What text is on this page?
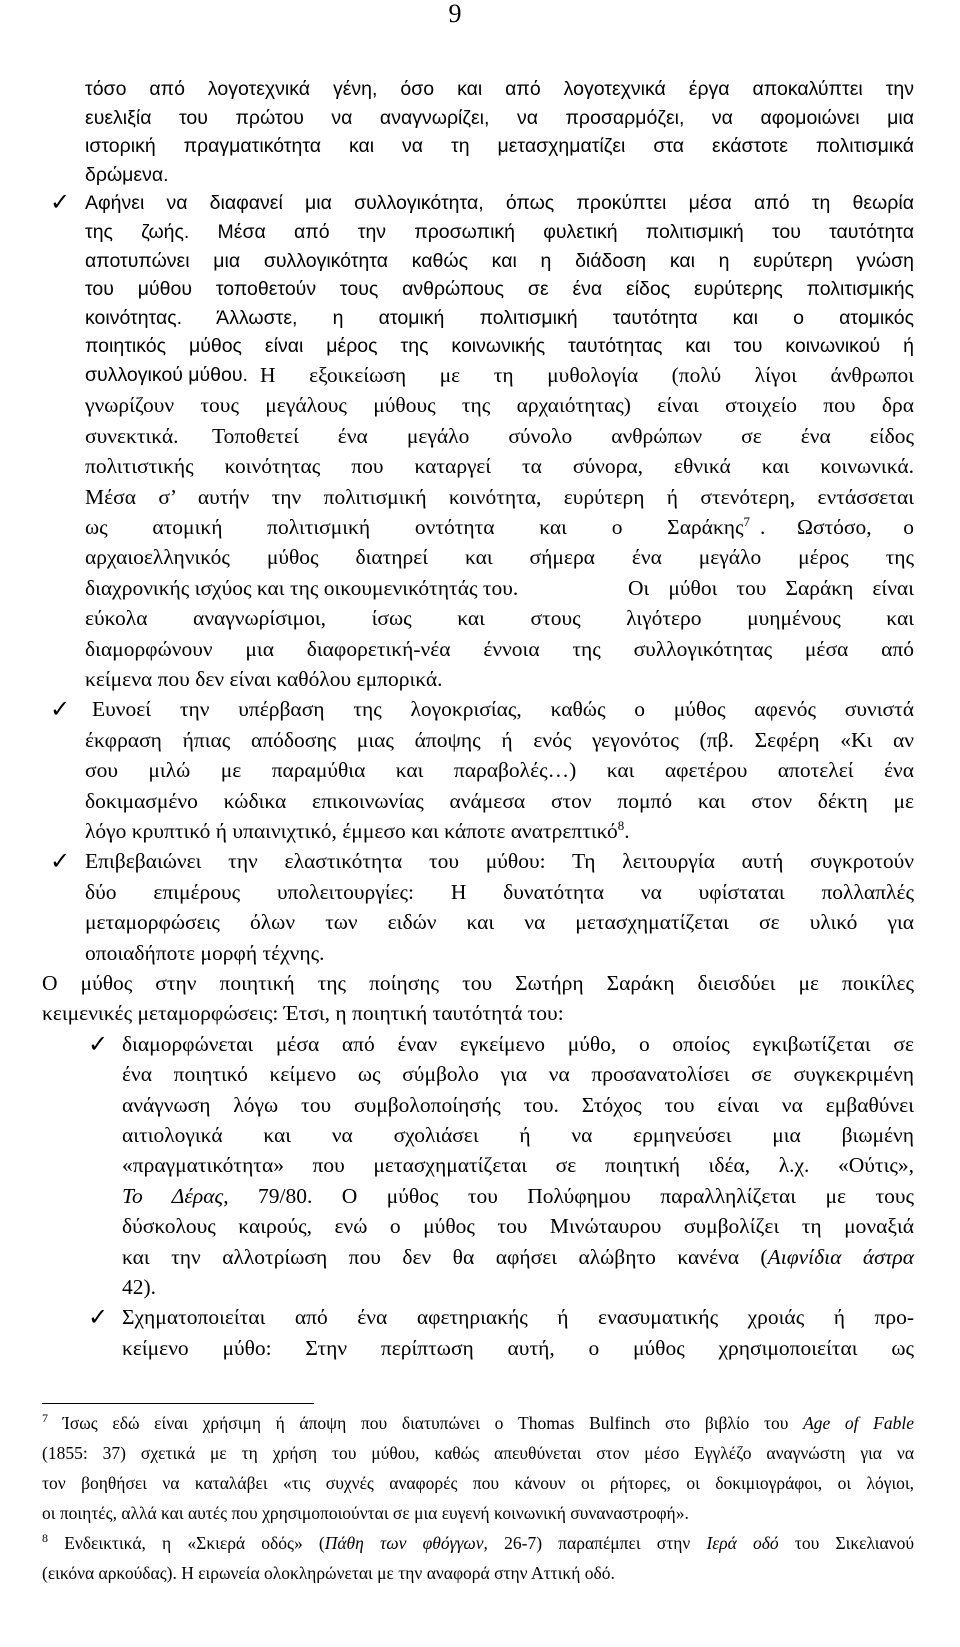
9
τόσο από λογοτεχνικά γένη, όσο και από λογοτεχνικά έργα αποκαλύπτει την
ευελιξία του πρώτου να αναγνωρίζει, να προσαρμόζει, να αφομοιώνει μια
ιστορική πραγματικότητα και να τη μετασχηματίζει στα εκάστοτε πολιτισμικά
δρώμενα.
✓ Αφήνει να διαφανεί μια συλλογικότητα, όπως προκύπτει μέσα από τη θεωρία
της ζωής. Μέσα από την προσωπική φυλετική πολιτισμική του ταυτότητα
αποτυπώνει μια συλλογικότητα καθώς και η διάδοση και η ευρύτερη γνώση
του μύθου τοποθετούν τους ανθρώπους σε ένα είδος ευρύτερης πολιτισμικής
κοινότητας. Άλλωστε, η ατομική πολιτισμική ταυτότητα και ο ατομικός
ποιητικός μύθος είναι μέρος της κοινωνικής ταυτότητας και του κοινωνικού ή
συλλογικού μύθου. Η εξοικείωση με τη μυθολογία (πολύ λίγοι άνθρωποι
γνωρίζουν τους μεγάλους μύθους της αρχαιότητας) είναι στοιχείο που δρα
συνεκτικά. Τοποθετεί ένα μεγάλο σύνολο ανθρώπων σε ένα είδος
πολιτιστικής κοινότητας που καταργεί τα σύνορα, εθνικά και κοινωνικά.
Μέσα σ’ αυτήν την πολιτισμική κοινότητα, ευρύτερη ή στενότερη, εντάσσεται
ως ατομική πολιτισμική οντότητα και ο Σαράκης$^7$ . Ωστόσο, ο
αρχαιοελληνικός μύθος διατηρεί και σήμερα ένα μεγάλο μέρος της
διαχρονικής ισχύος και της οικουμενικότητάς του.	Οι μύθοι του Σαράκη είναι
εύκολα αναγνωρίσιμοι, ίσως και στους λιγότερο μυημένους και
διαμορφώνουν μια διαφορετική-νέα έννοια της συλλογικότητας μέσα από
κείμενα που δεν είναι καθόλου εμπορικά.
✓ Ευνοεί την υπέρβαση της λογοκρισίας, καθώς ο μύθος αφενός συνιστά
έκφραση ήπιας απόδοσης μιας άποψης ή ενός γεγονότος (πβ. Σεφέρη «Κι αν
σου μιλώ με παραμύθια και παραβολές…) και αφετέρου αποτελεί ένα
δοκιμασμένο κώδικα επικοινωνίας ανάμεσα στον πομπό και στον δέκτη με
λόγο κρυπτικό ή υπαινιχτικό, έμμεσο και κάποτε ανατρεπτικό$^8$.
✓ Επιβεβαιώνει την ελαστικότητα του μύθου: Τη λειτουργία αυτή συγκροτούν
δύο επιμέρους υπολειτουργίες: Η δυνατότητα να υφίσταται πολλαπλές
μεταμορφώσεις όλων των ειδών και να μετασχηματίζεται σε υλικό για
οποιαδήποτε μορφή τέχνης.
Ο μύθος στην ποιητική της ποίησης του Σωτήρη Σαράκη διεισδύει με ποικίλες
κειμενικές μεταμορφώσεις: Έτσι, η ποιητική ταυτότητά του:
✓ διαμορφώνεται μέσα από έναν εγκείμενο μύθο, ο οποίος εγκιβωτίζεται σε
ένα ποιητικό κείμενο ως σύμβολο για να προσανατολίσει σε συγκεκριμένη
ανάγνωση λόγω του συμβολοποίησής του. Στόχος του είναι να εμβαθύνει
αιτιολογικά και να σχολιάσει ή να ερμηνεύσει μια βιωμένη
«πραγματικότητα» που μετασχηματίζεται σε ποιητική ιδέα, λ.χ. «Ούτις»,
Το Δέρας, 79/80. Ο μύθος του Πολύφημου παραλληλίζεται με τους
δύσκολους καιρούς, ενώ ο μύθος του Μινώταυρου συμβολίζει τη μοναξιά
και την αλλοτρίωση που δεν θα αφήσει αλώβητο κανένα (Αιφνίδια άστρα
42).
✓ Σχηματοποιείται από ένα αφετηριακής ή ενασυματικής χροιάς ή προ-
κείμενο μύθο: Στην περίπτωση αυτή, ο μύθος χρησιμοποιείται ως
$^7$ Ίσως εδώ είναι χρήσιμη ή άποψη που διατυπώνει ο Thomas Bulfinch στο βιβλίο του Age of Fable
(1855: 37) σχετικά με τη χρήση του μύθου, καθώς απευθύνεται στον μέσο Εγγλέζο αναγνώστη για να
τον βοηθήσει να καταλάβει «τις συχνές αναφορές που κάνουν οι ρήτορες, οι δοκιμιογράφοι, οι λόγιοι,
οι ποιητές, αλλά και αυτές που χρησιμοποιούνται σε μια ευγενή κοινωνική συναναστροφή».
$^8$ Ενδεικτικά, η «Σκιερά οδός» (Πάθη των φθόγγων, 26-7) παραπέμπει στην Ιερά οδό του Σικελιανού
(εικόνα αρκούδας). Η ειρωνεία ολοκληρώνεται με την αναφορά στην Αττική οδό.
